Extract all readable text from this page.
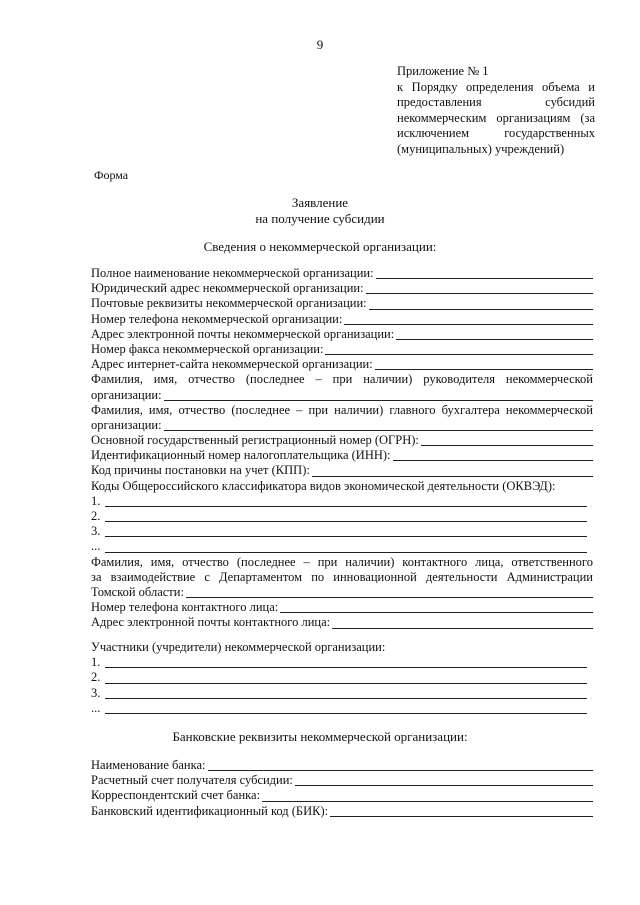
9
Приложение № 1
к Порядку определения объема и предоставления субсидий некоммерческим организациям (за исключением государственных (муниципальных) учреждений)
Форма
Заявление
на получение субсидии
Сведения о некоммерческой организации:
Полное наименование некоммерческой организации:
Юридический адрес некоммерческой организации:
Почтовые реквизиты некоммерческой организации:
Номер телефона некоммерческой организации:
Адрес электронной почты некоммерческой организации:
Номер факса некоммерческой организации:
Адрес интернет-сайта некоммерческой организации:
Фамилия, имя, отчество (последнее – при наличии) руководителя некоммерческой
организации:
Фамилия, имя, отчество (последнее – при наличии) главного бухгалтера некоммерческой
организации:
Основной государственный регистрационный номер (ОГРН):
Идентификационный номер налогоплательщика (ИНН):
Код причины постановки на учет (КПП):
Коды Общероссийского классификатора видов экономической деятельности (ОКВЭД):
1.
2.
3.
...
Фамилия, имя, отчество (последнее – при наличии) контактного лица, ответственного
за взаимодействие с Департаментом по инновационной деятельности Администрации
Томской области:
Номер телефона контактного лица:
Адрес электронной почты контактного лица:
Участники (учредители) некоммерческой организации:
1.
2.
3.
...
Банковские реквизиты некоммерческой организации:
Наименование банка:
Расчетный счет получателя субсидии:
Корреспондентский счет банка:
Банковский идентификационный код (БИК):
